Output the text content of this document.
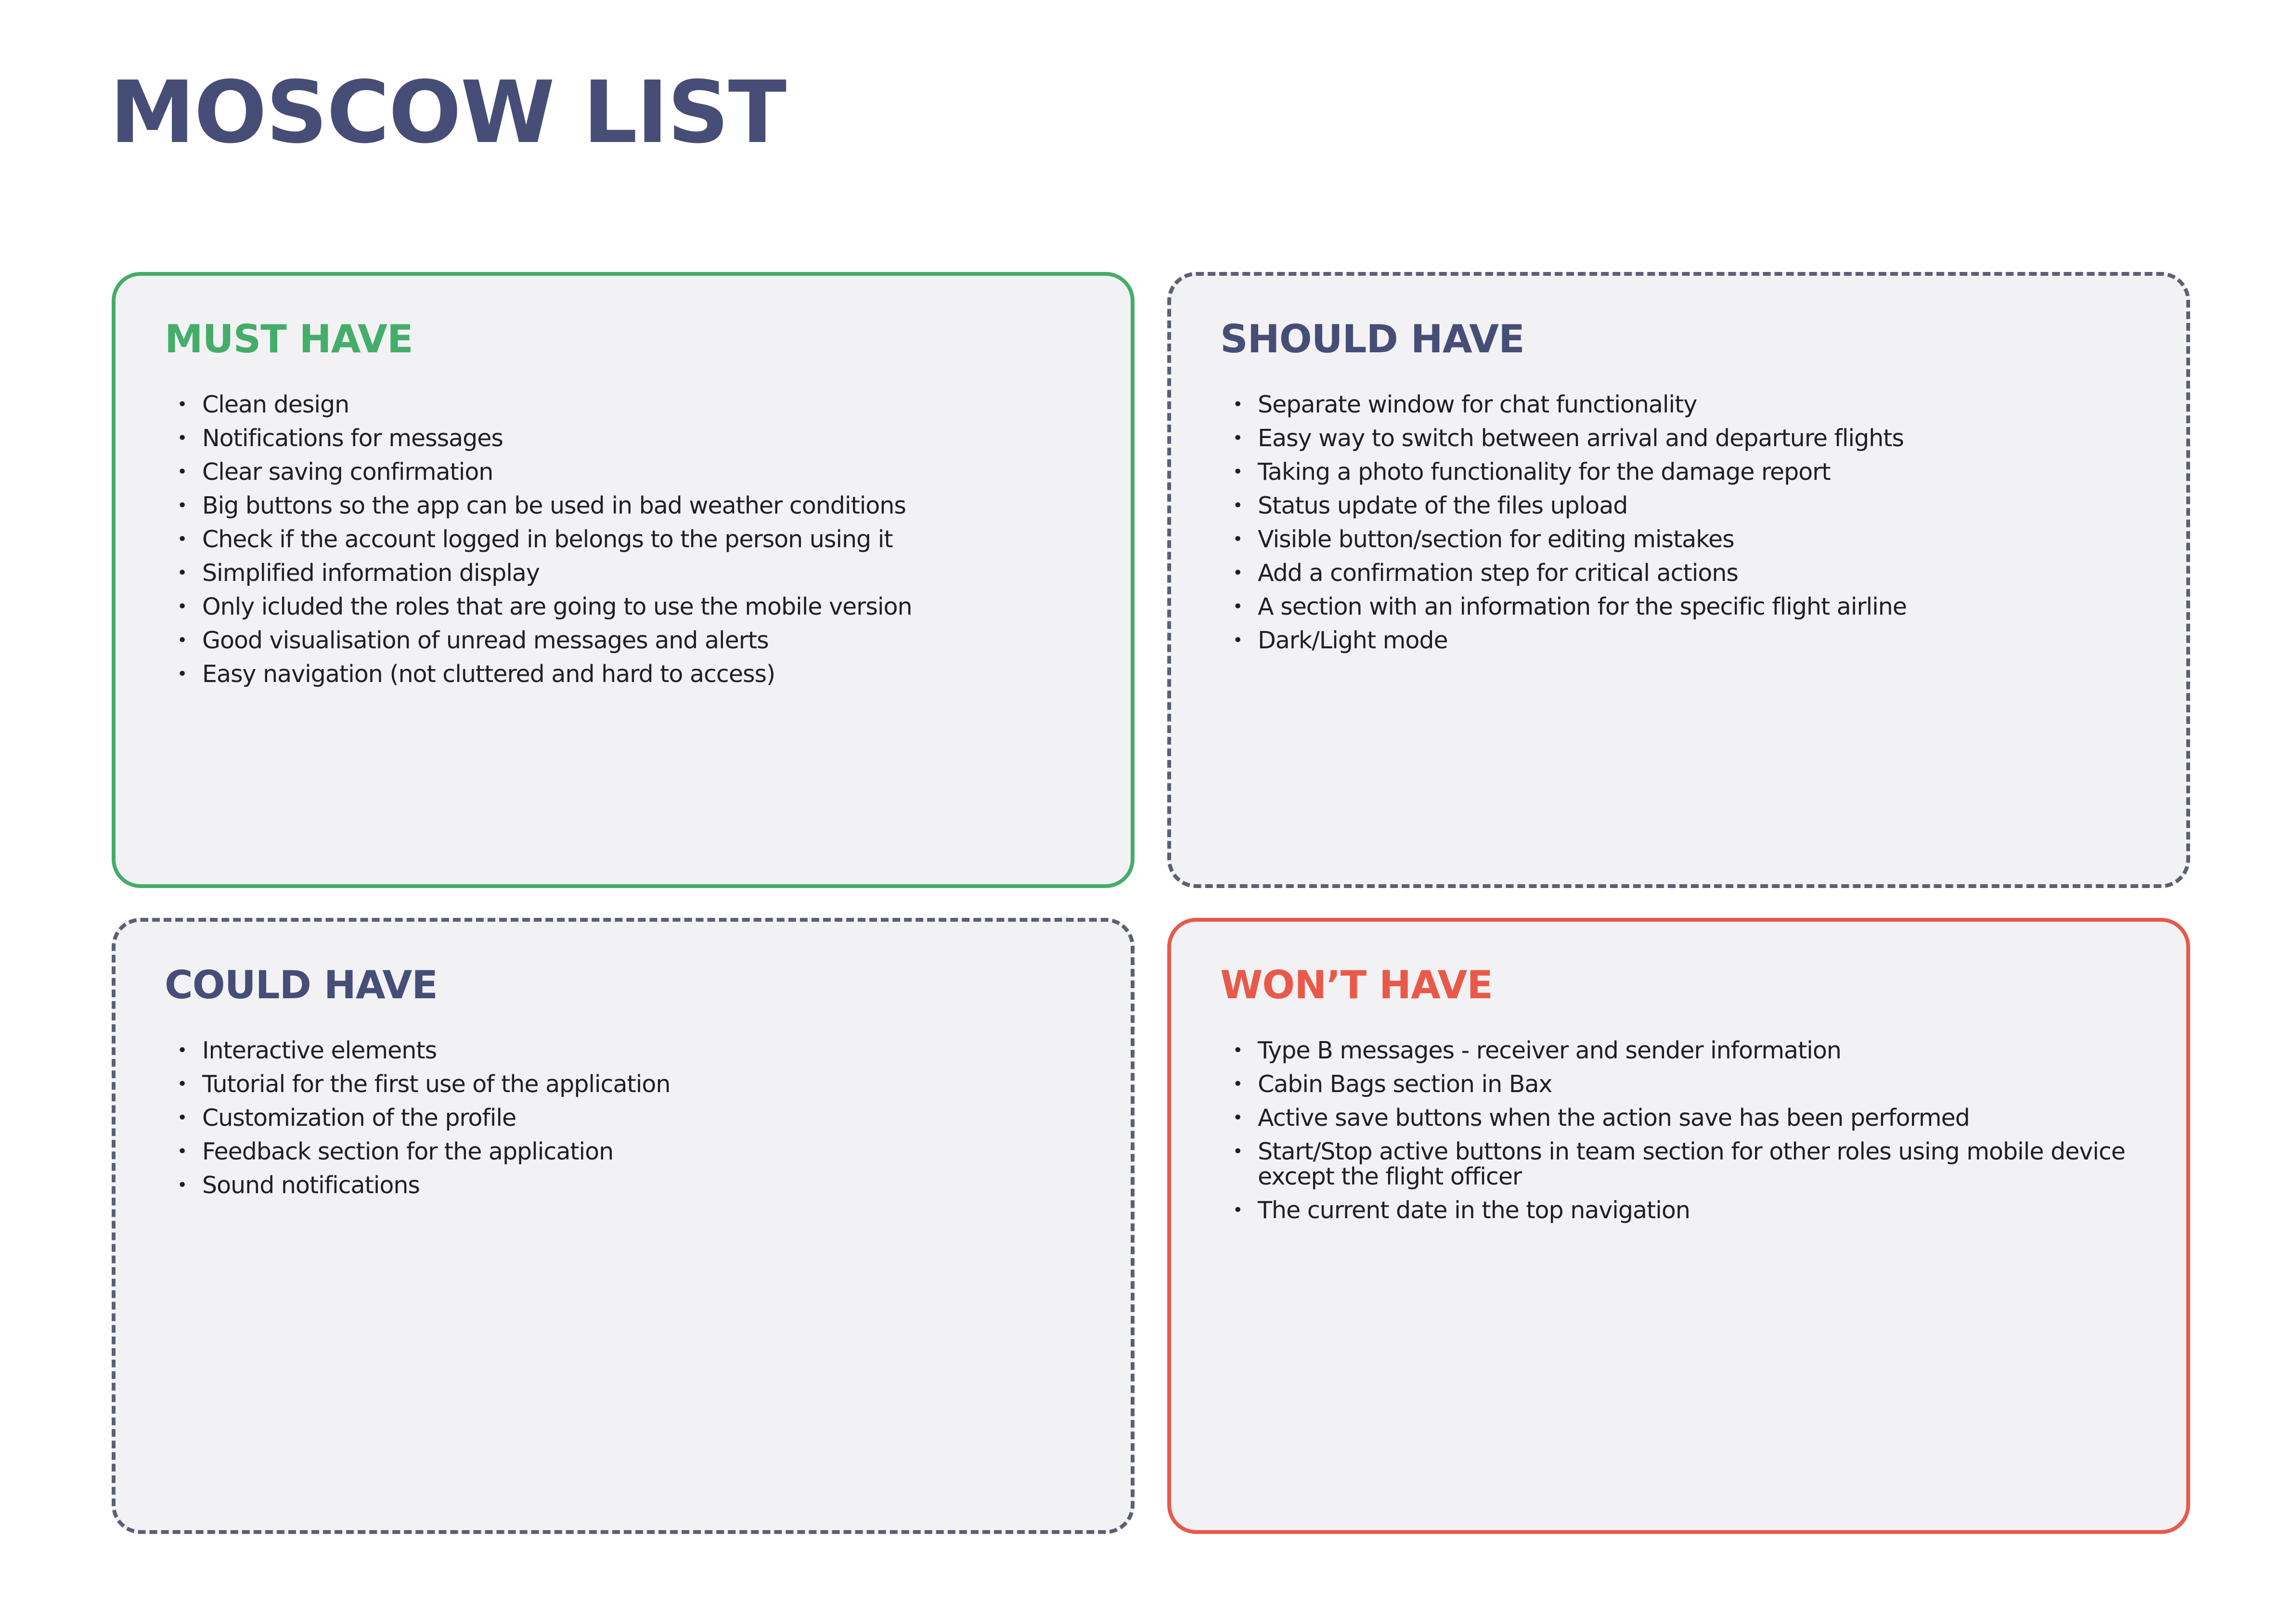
MOSCOW LIST
MUST HAVE
• Clean design
• Notifications for messages
• Clear saving confirmation
• Big buttons so the app can be used in bad weather conditions
• Check if the account logged in belongs to the person using it
• Simplified information display
• Only icluded the roles that are going to use the mobile version
• Good visualisation of unread messages and alerts
• Easy navigation (not cluttered and hard to access)
SHOULD HAVE
• Separate window for chat functionality
• Easy way to switch between arrival and departure flights
• Taking a photo functionality for the damage report
• Status update of the files upload
• Visible button/section for editing mistakes
• Add a confirmation step for critical actions
• A section with an information for the specific flight airline
• Dark/Light mode
COULD HAVE
• Interactive elements
• Tutorial for the first use of the application
• Customization of the profile
• Feedback section for the application
• Sound notifications
WON’T HAVE
• Type B messages - receiver and sender information
• Cabin Bags section in Bax
• Active save buttons when the action save has been performed
• Start/Stop active buttons in team section for other roles using mobile device except the flight officer
• The current date in the top navigation
